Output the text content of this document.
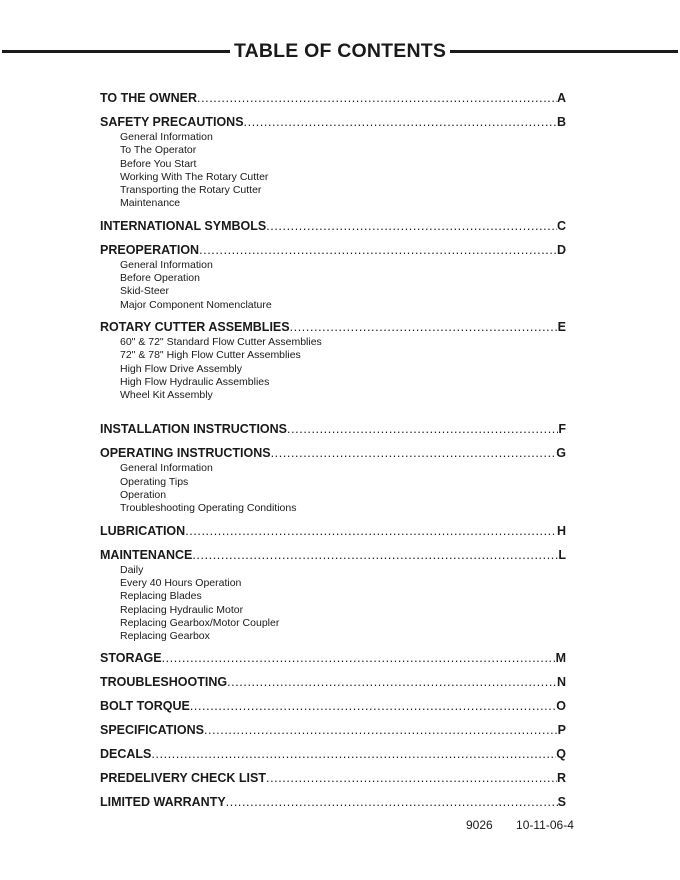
TABLE OF CONTENTS
TO THE OWNER .....	A
SAFETY PRECAUTIONS .....	B
General Information
To The Operator
Before You Start
Working With The Rotary Cutter
Transporting the Rotary Cutter
Maintenance
INTERNATIONAL SYMBOLS .....	C
PREOPERATION .....	D
General Information
Before Operation
Skid-Steer
Major Component Nomenclature
ROTARY CUTTER ASSEMBLIES .....	E
60" & 72" Standard Flow Cutter Assemblies
72" & 78" High Flow Cutter Assemblies
High Flow Drive Assembly
High Flow Hydraulic Assemblies
Wheel Kit Assembly
INSTALLATION INSTRUCTIONS .....	F
OPERATING INSTRUCTIONS .....	G
General Information
Operating Tips
Operation
Troubleshooting Operating Conditions
LUBRICATION .....	H
MAINTENANCE .....	L
Daily
Every 40 Hours Operation
Replacing Blades
Replacing Hydraulic Motor
Replacing Gearbox/Motor Coupler
Replacing Gearbox
STORAGE .....	M
TROUBLESHOOTING .....	N
BOLT TORQUE .....	O
SPECIFICATIONS .....	P
DECALS .....	Q
PREDELIVERY CHECK LIST .....	R
LIMITED WARRANTY .....	S
9026 10-11-06-4
